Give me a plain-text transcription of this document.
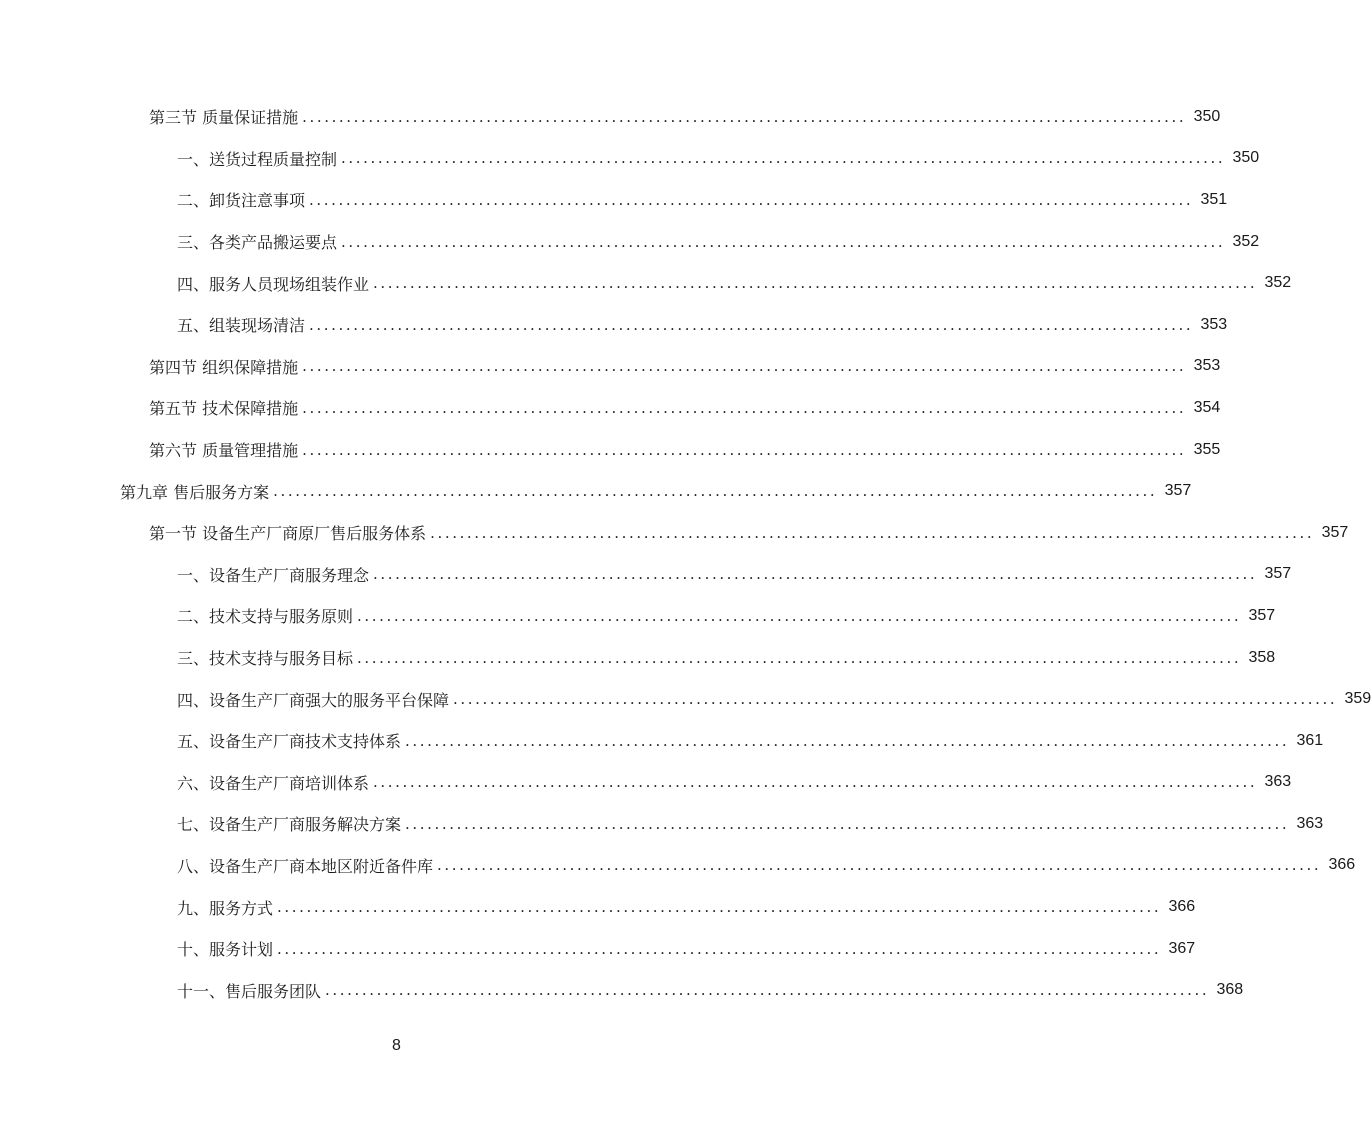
第三节 质量保证措施 ........................................................................................................................ 350
一、送货过程质量控制 ........................................................................................................................ 350
二、卸货注意事项 ........................................................................................................................ 351
三、各类产品搬运要点 ........................................................................................................................ 352
四、服务人员现场组装作业 ........................................................................................................................ 352
五、组装现场清洁 ........................................................................................................................ 353
第四节 组织保障措施 ........................................................................................................................ 353
第五节 技术保障措施 ........................................................................................................................ 354
第六节 质量管理措施 ........................................................................................................................ 355
第九章 售后服务方案 ........................................................................................................................ 357
第一节 设备生产厂商原厂售后服务体系 ........................................................................................................................ 357
一、设备生产厂商服务理念 ........................................................................................................................ 357
二、技术支持与服务原则 ........................................................................................................................ 357
三、技术支持与服务目标 ........................................................................................................................ 358
四、设备生产厂商强大的服务平台保障 ........................................................................................................................ 359
五、设备生产厂商技术支持体系 ........................................................................................................................ 361
六、设备生产厂商培训体系 ........................................................................................................................ 363
七、设备生产厂商服务解决方案 ........................................................................................................................ 363
八、设备生产厂商本地区附近备件库 ........................................................................................................................ 366
九、服务方式 ........................................................................................................................ 366
十、服务计划 ........................................................................................................................ 367
十一、售后服务团队 ........................................................................................................................ 368
8
